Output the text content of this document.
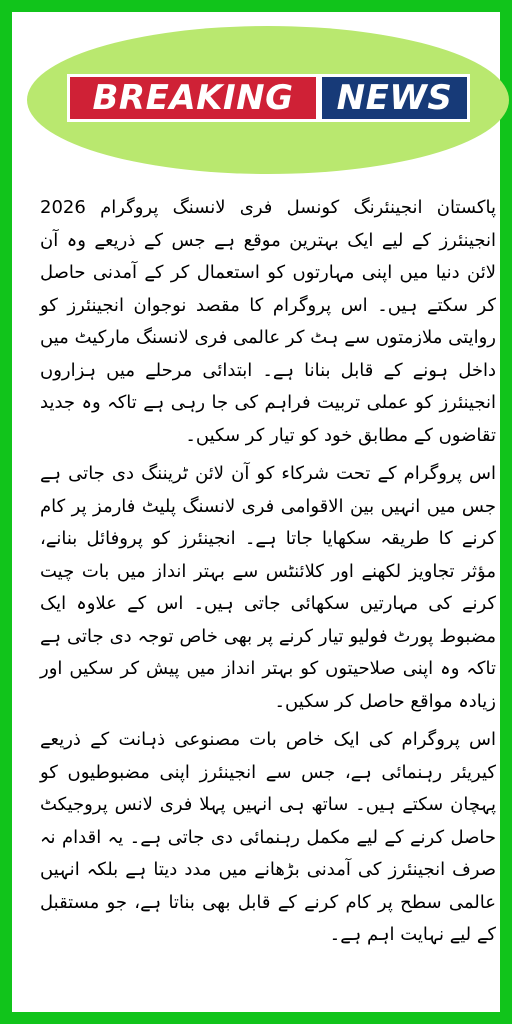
BREAKING	NEWS

پاکستان انجینئرنگ کونسل فری لانسنگ پروگرام 2026 انجینئرز کے لیے ایک بہترین موقع ہے جس کے ذریعے وہ آن لائن دنیا میں اپنی مہارتوں کو استعمال کر کے آمدنی حاصل کر سکتے ہیں۔ اس پروگرام کا مقصد نوجوان انجینئرز کو روایتی ملازمتوں سے ہٹ کر عالمی فری لانسنگ مارکیٹ میں داخل ہونے کے قابل بنانا ہے۔ ابتدائی مرحلے میں ہزاروں انجینئرز کو عملی تربیت فراہم کی جا رہی ہے تاکہ وہ جدید تقاضوں کے مطابق خود کو تیار کر سکیں۔

اس پروگرام کے تحت شرکاء کو آن لائن ٹریننگ دی جاتی ہے جس میں انہیں بین الاقوامی فری لانسنگ پلیٹ فارمز پر کام کرنے کا طریقہ سکھایا جاتا ہے۔ انجینئرز کو پروفائل بنانے، مؤثر تجاویز لکھنے اور کلائنٹس سے بہتر انداز میں بات چیت کرنے کی مہارتیں سکھائی جاتی ہیں۔ اس کے علاوہ ایک مضبوط پورٹ فولیو تیار کرنے پر بھی خاص توجہ دی جاتی ہے تاکہ وہ اپنی صلاحیتوں کو بہتر انداز میں پیش کر سکیں اور زیادہ مواقع حاصل کر سکیں۔

اس پروگرام کی ایک خاص بات مصنوعی ذہانت کے ذریعے کیریئر رہنمائی ہے، جس سے انجینئرز اپنی مضبوطیوں کو پہچان سکتے ہیں۔ ساتھ ہی انہیں پہلا فری لانس پروجیکٹ حاصل کرنے کے لیے مکمل رہنمائی دی جاتی ہے۔ یہ اقدام نہ صرف انجینئرز کی آمدنی بڑھانے میں مدد دیتا ہے بلکہ انہیں عالمی سطح پر کام کرنے کے قابل بھی بناتا ہے، جو مستقبل کے لیے نہایت اہم ہے۔
